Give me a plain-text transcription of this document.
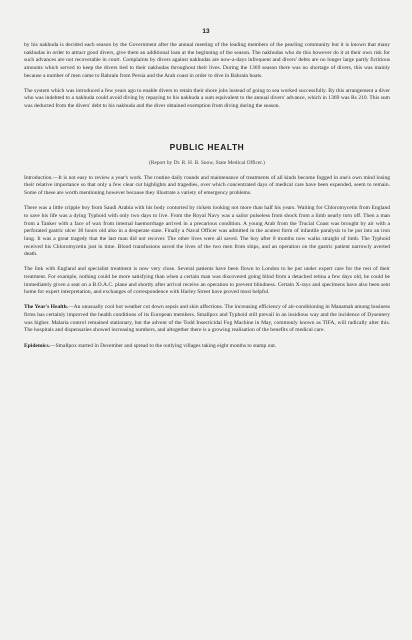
13

by his nakhuda is decided each season by the Government after the annual meeting of the leading members of the pearling community but it is known that many nakhudas in order to attract good divers, give them an additional loan at the beginning of the season. The nakhudas who do this however do it at their own risk for such advances are not recoverable in court. Complaints by divers against nakhudas are now-a-days infrequent and divers' debts are no longer large partly fictitious amounts which served to keep the divers tied to their nakhudas throughout their lives. During the 1369 season there was no shortage of divers, this was mainly because a number of men came to Bahrain from Persia and the Arab coast in order to dive in Bahrain boats.

The system which was introduced a few years ago to enable divers to retain their shore jobs instead of going to sea worked successfully. By this arrangement a diver who was indebted to a nakhuda could avoid diving by repaying to his nakhuda a sum equivalent to the annual divers' advance, which in 1369 was Rs 210. This sum was deducted from the divers' debt to his nakhuda and the diver obtained exemption from diving during the season.

PUBLIC HEALTH
(Report by Dr. R. H. B. Snow, State Medical Officer.)

Introduction.—It is not easy to review a year's work. The routine daily rounds and maintenance of treatments of all kinds become fogged in one's own mind losing their relative importance so that only a few clear cut highlights and tragedies, over which concentrated days of medical care have been expended, seem to remain. Some of these are worth mentioning however because they illustrate a variety of emergency problems.

There was a little cripple boy from Saudi Arabia with his body contorted by rickets looking not more than half his years. Waiting for Chloromycetin from England to save his life was a dying Typhoid with only two days to live. From the Royal Navy was a sailor pulseless from shock from a limb nearly torn off. Then a man from a Tanker with a face of wax from internal haemorrhage arrived in a precarious condition. A young Arab from the Trucial Coast was brought by air with a perforated gastric ulcer 30 hours old also in a desperate state. Finally a Naval Officer was admitted in the acutest form of infantile paralysis to be put into an iron lung. It was a great tragedy that the last man did not recover. The other lives were all saved. The boy after 8 months now walks straight of limb. The Typhoid received his Chloromycetin just in time. Blood transfusions saved the lives of the two men from ships, and an operation on the gastric patient narrowly averted death.

The link with England and specialist treatment is now very close. Several patients have been flown to London to be put under expert care for the rest of their treatment. For example, nothing could be more satisfying than when a certain man was discovered going blind from a detached retina a few days old, he could be immediately given a seat on a B.O.A.C. plane and shortly after arrival receive an operation to prevent blindness. Certain X-rays and specimens have also been sent home for expert interpretation, and exchanges of correspondence with Harley Street have proved most helpful.

The Year's Health.—An unusually cool hot weather cut down sepsis and skin affections. The increasing efficiency of air-conditioning in Manamah among business firms has certainly improved the health conditions of its European members. Smallpox and Typhoid still prevail in an insidious way and the incidence of Dysentery was higher. Malaria control remained stationary, but the advent of the Todd Insecticidal Fog Machine in May, commonly known as TIFA, will radically alter this. The hospitals and dispensaries showed increasing numbers, and altogether there is a growing realisation of the benefits of medical care.

Epidemics.—Smallpox started in December and spread to the outlying villages taking eight months to stamp out.
